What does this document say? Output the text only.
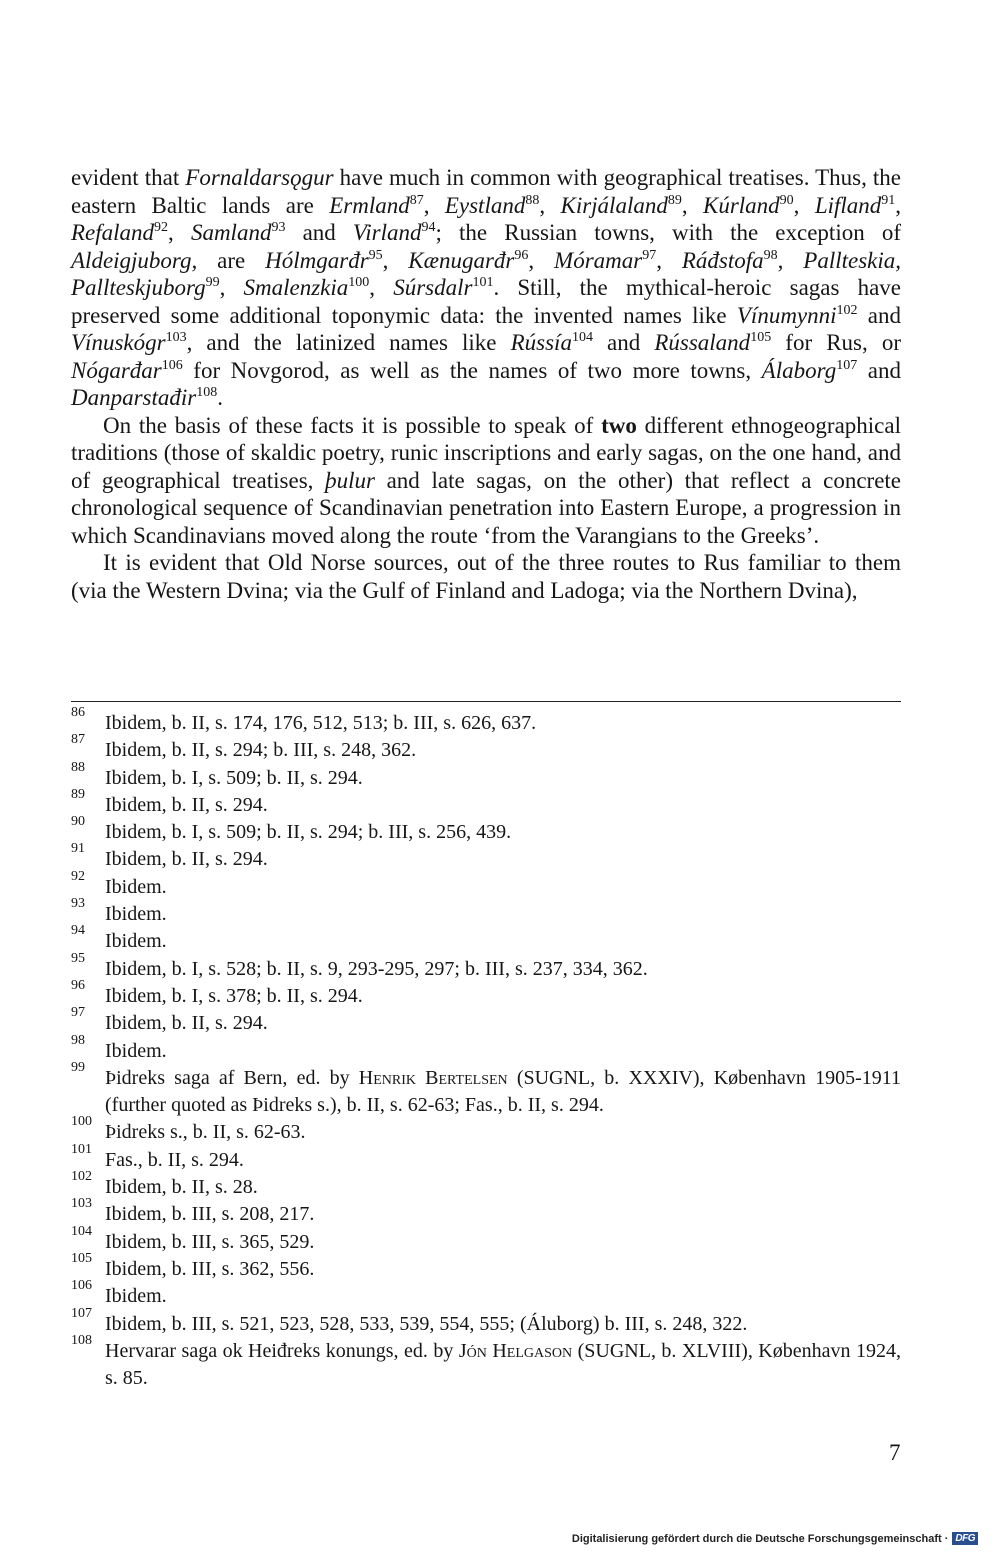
evident that Fornaldarsǫgur have much in common with geographical treatises. Thus, the eastern Baltic lands are Ermland$^{87}$, Eystland$^{88}$, Kirjálaland$^{89}$, Kúrland$^{90}$, Lifland$^{91}$, Refaland$^{92}$, Samland$^{93}$ and Virland$^{94}$; the Russian towns, with the exception of Aldeigjuborg, are Hólmgarđr$^{95}$, Kænugarđr$^{96}$, Móramar$^{97}$, Ráđstofa$^{98}$, Pallteskia, Pallteskjuborg$^{99}$, Smalenzkia$^{100}$, Súrsdalr$^{101}$. Still, the mythical-heroic sagas have preserved some additional toponymic data: the invented names like Vínumynni$^{102}$ and Vínuskógr$^{103}$, and the latinized names like Rússía$^{104}$ and Rússaland$^{105}$ for Rus, or Nógarđar$^{106}$ for Novgorod, as well as the names of two more towns, Álaborg$^{107}$ and Danparstađir$^{108}$.

On the basis of these facts it is possible to speak of two different ethnogeographical traditions (those of skaldic poetry, runic inscriptions and early sagas, on the one hand, and of geographical treatises, þulur and late sagas, on the other) that reflect a concrete chronological sequence of Scandinavian penetration into Eastern Europe, a progression in which Scandinavians moved along the route ‘from the Varangians to the Greeks’.

It is evident that Old Norse sources, out of the three routes to Rus familiar to them (via the Western Dvina; via the Gulf of Finland and Ladoga; via the Northern Dvina),

86 Ibidem, b. II, s. 174, 176, 512, 513; b. III, s. 626, 637.
87 Ibidem, b. II, s. 294; b. III, s. 248, 362.
88 Ibidem, b. I, s. 509; b. II, s. 294.
89 Ibidem, b. II, s. 294.
90 Ibidem, b. I, s. 509; b. II, s. 294; b. III, s. 256, 439.
91 Ibidem, b. II, s. 294.
92 Ibidem.
93 Ibidem.
94 Ibidem.
95 Ibidem, b. I, s. 528; b. II, s. 9, 293-295, 297; b. III, s. 237, 334, 362.
96 Ibidem, b. I, s. 378; b. II, s. 294.
97 Ibidem, b. II, s. 294.
98 Ibidem.
99 Þidreks saga af Bern, ed. by Henrik Bertelsen (SUGNL, b. XXXIV), København 1905-1911 (further quoted as Þidreks s.), b. II, s. 62-63; Fas., b. II, s. 294.
100 Þidreks s., b. II, s. 62-63.
101 Fas., b. II, s. 294.
102 Ibidem, b. II, s. 28.
103 Ibidem, b. III, s. 208, 217.
104 Ibidem, b. III, s. 365, 529.
105 Ibidem, b. III, s. 362, 556.
106 Ibidem.
107 Ibidem, b. III, s. 521, 523, 528, 533, 539, 554, 555; (Áluborg) b. III, s. 248, 322.
108 Hervarar saga ok Heiđreks konungs, ed. by Jón Helgason (SUGNL, b. XLVIII), København 1924, s. 85.
7
Digitalisierung gefördert durch die Deutsche Forschungsgemeinschaft · DFG
